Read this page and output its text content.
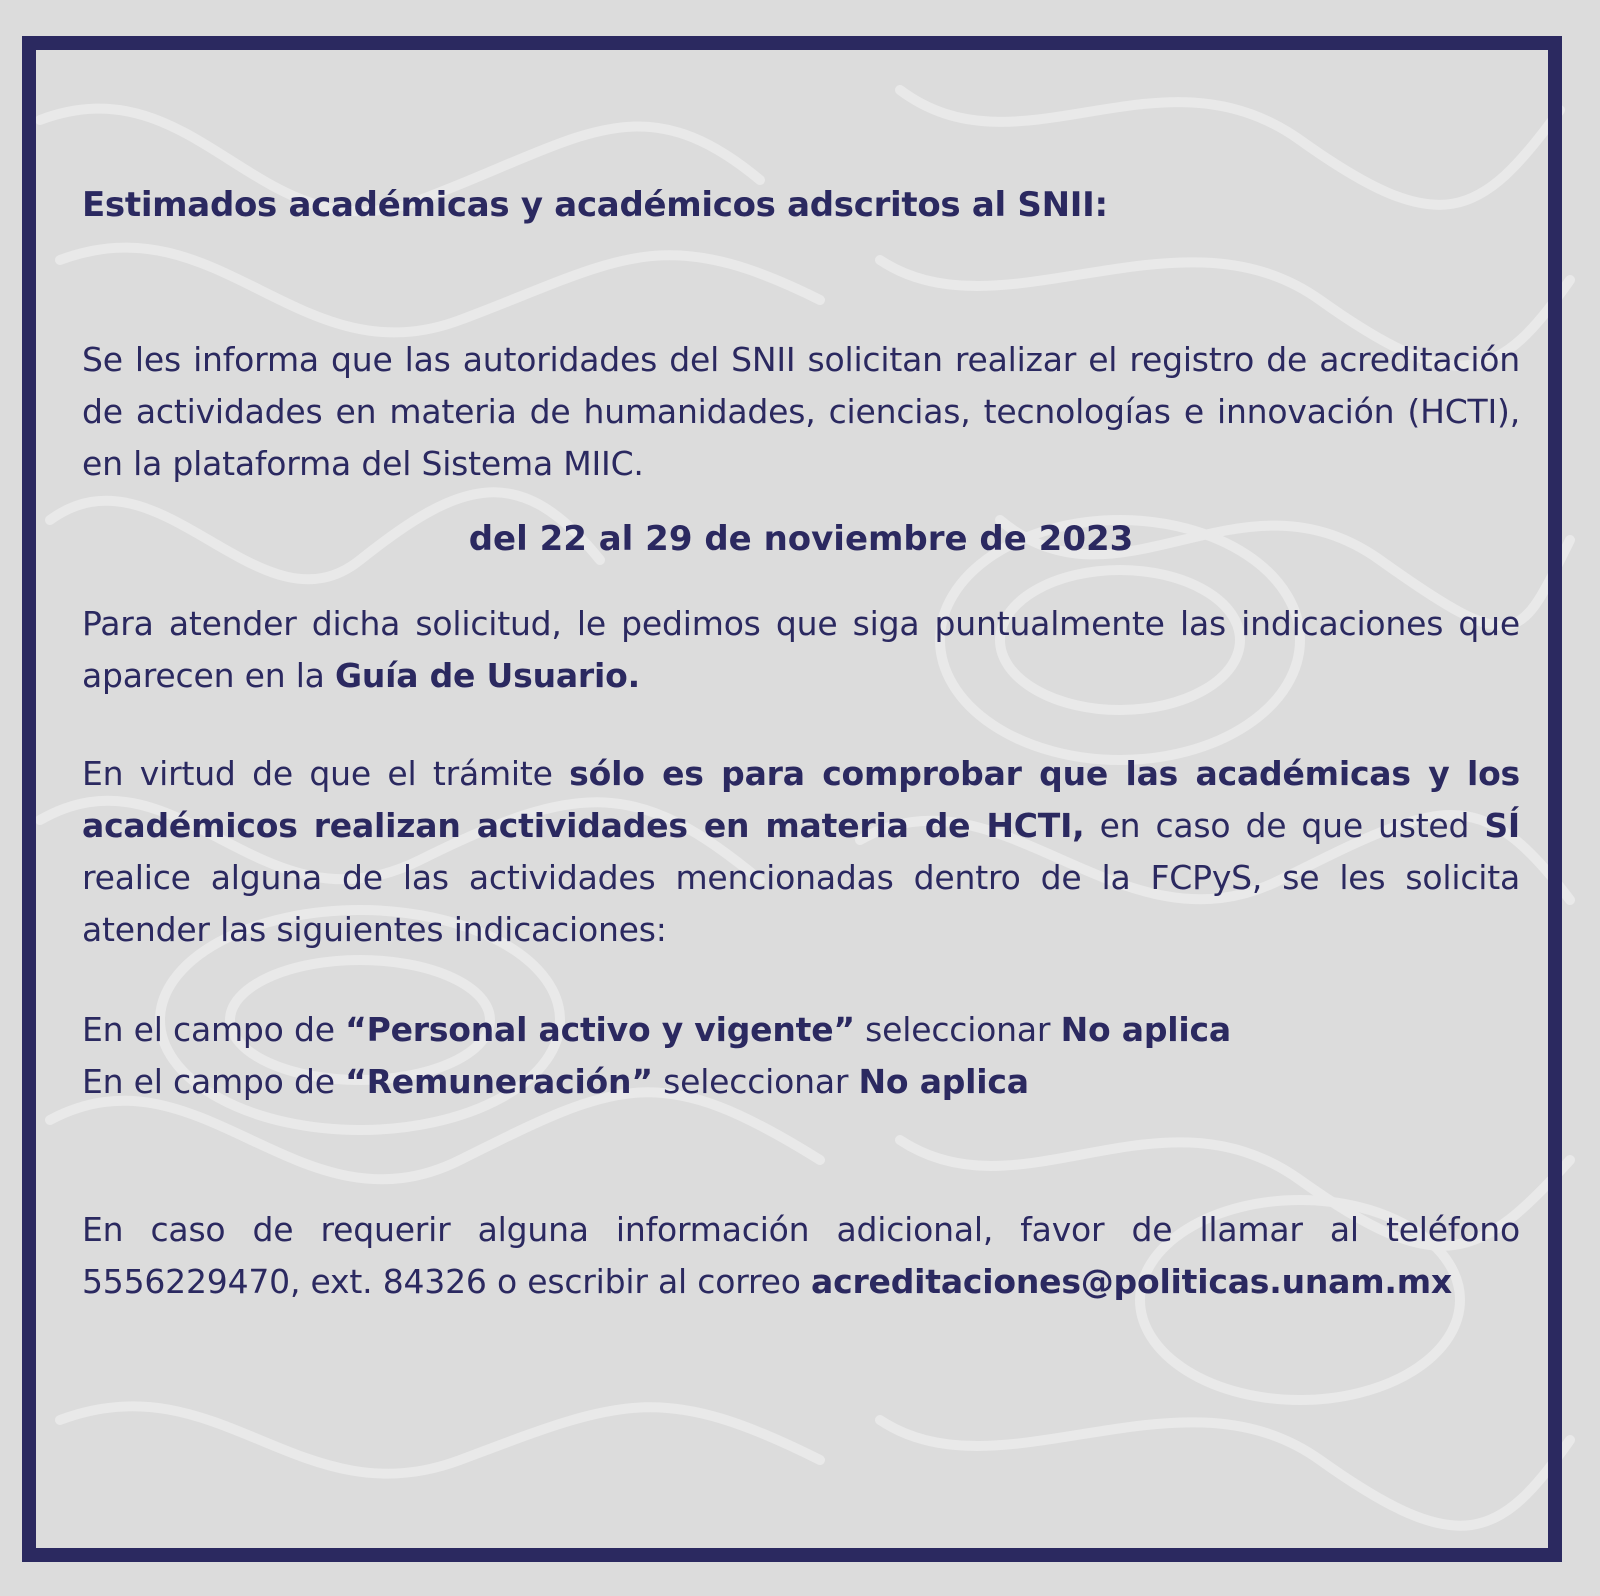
Estimados académicas y académicos adscritos al SNII:

Se les informa que las autoridades del SNII solicitan realizar el registro de acreditación de actividades en materia de humanidades, ciencias, tecnologías e innovación (HCTI), en la plataforma del Sistema MIIC.

del 22 al 29 de noviembre de 2023

Para atender dicha solicitud, le pedimos que siga puntualmente las indicaciones que aparecen en la Guía de Usuario.

En virtud de que el trámite sólo es para comprobar que las académicas y los académicos realizan actividades en materia de HCTI, en caso de que usted SÍ realice alguna de las actividades mencionadas dentro de la FCPyS, se les solicita atender las siguientes indicaciones:

En el campo de “Personal activo y vigente” seleccionar No aplica

En el campo de “Remuneración” seleccionar No aplica

En caso de requerir alguna información adicional, favor de llamar al teléfono 5556229470, ext. 84326 o escribir al correo acreditaciones@politicas.unam.mx
